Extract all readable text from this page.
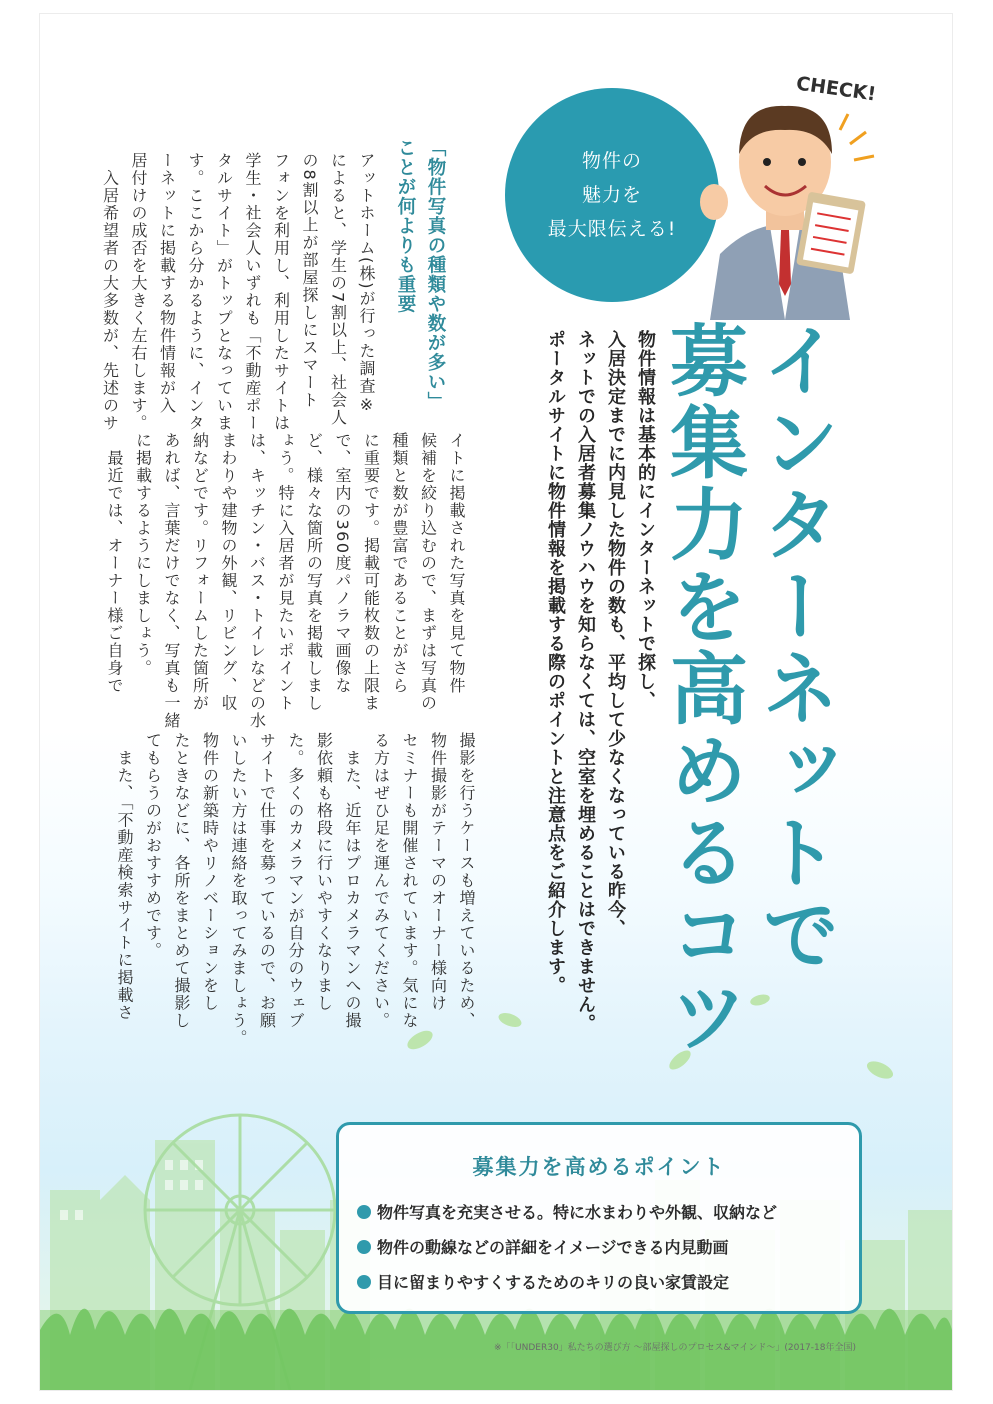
物件の
魅力を
最大限伝える!
CHECK!
インターネットで
募集力を高めるコツ
物件情報は基本的にインターネットで探し、
入居決定までに内見した物件の数も、平均して少なくなっている昨今、
ネットでの入居者募集ノウハウを知らなくては、空室を埋めることはできません。
ポータルサイトに物件情報を掲載する際のポイントと注意点をご紹介します。
「物件写真の種類や数が多い」
ことが何よりも重要
アットホーム(株)が行った調査※
によると、学生の7割以上、社会人
の8割以上が部屋探しにスマート
フォンを利用し、利用したサイトは
学生・社会人いずれも「不動産ポー
タルサイト」がトップとなっていま
す。ここから分かるように、インタ
ーネットに掲載する物件情報が入
居付けの成否を大きく左右します。
　入居希望者の大多数が、先述のサ
イトに掲載された写真を見て物件
候補を絞り込むので、まずは写真の
種類と数が豊富であることがさら
に重要です。掲載可能枚数の上限ま
で、室内の360度パノラマ画像な
ど、様々な箇所の写真を掲載しまし
ょう。特に入居者が見たいポイント
は、キッチン・バス・トイレなどの水
まわりや建物の外観、リビング、収
納などです。リフォームした箇所が
あれば、言葉だけでなく、写真も一緒
に掲載するようにしましょう。
　最近では、オーナー様ご自身で
撮影を行うケースも増えているため、
物件撮影がテーマのオーナー様向け
セミナーも開催されています。気にな
る方はぜひ足を運んでみてください。
　また、近年はプロカメラマンへの撮
影依頼も格段に行いやすくなりまし
た。多くのカメラマンが自分のウェブ
サイトで仕事を募っているので、お願
いしたい方は連絡を取ってみましょう。
物件の新築時やリノベーションをし
たときなどに、各所をまとめて撮影し
てもらうのがおすすめです。
　また、「不動産検索サイトに掲載さ
募集力を高めるポイント
物件写真を充実させる。特に水まわりや外観、収納など
物件の動線などの詳細をイメージできる内見動画
目に留まりやすくするためのキリの良い家賃設定
※「「UNDER30」私たちの選び方 ～部屋探しのプロセス&マインド～」(2017-18年全国)
